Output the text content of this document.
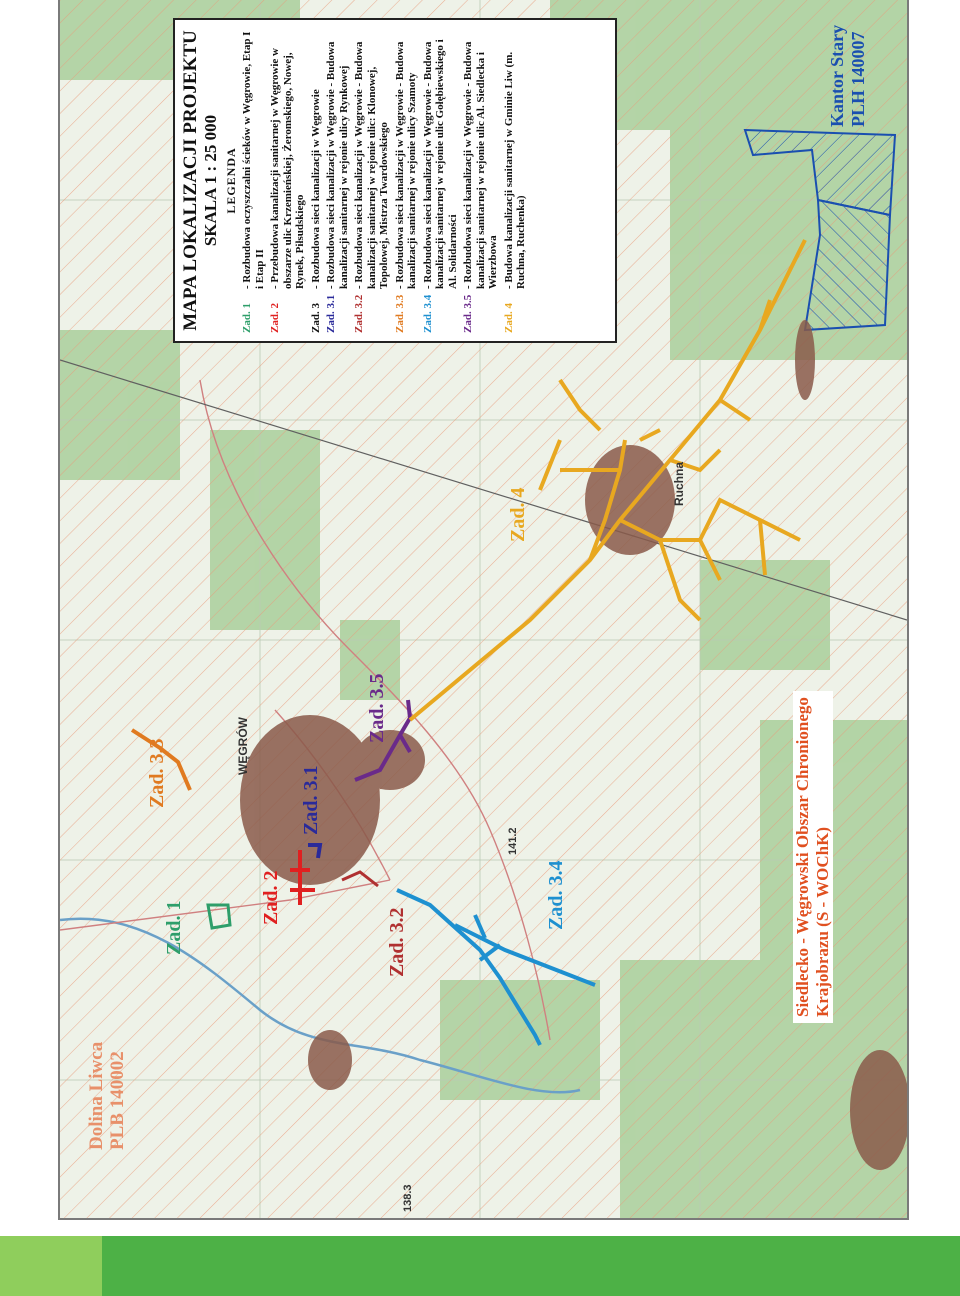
Dolina Liwca PLB 140002
Zad. 1
Zad. 3.3
Zad. 2
Zad. 3.1
Zad. 3.2
Zad. 3.5
Zad. 3.4
Zad. 4
Siedlecko - Węgrowski Obszar Chronionego Krajobrazu (S - WOChK)
Kantor Stary PLH 140007
WĘGRÓW
Ruchna
138.3
141.2
MAPA LOKALIZACJI PROJEKTU SKALA 1 : 25 000 LEGENDA
Zad. 1
- Rozbudowa oczyszczalni ścieków w Węgrowie, Etap I i Etap II
Zad. 2
- Przebudowa kanalizacji sanitarnej w Węgrowie w obszarze ulic Krzemieńskiej, Żeromskiego, Nowej, Rynek, Piłsudskiego
Zad. 3
- Rozbudowa sieci kanalizacji w Węgrowie
Zad. 3.1
- Rozbudowa sieci kanalizacji w Węgrowie - Budowa kanalizacji sanitarnej w rejonie ulicy Rynkowej
Zad. 3.2
- Rozbudowa sieci kanalizacji w Węgrowie - Budowa kanalizacji sanitarnej w rejonie ulic: Klonowej, Topolowej, Mistrza Twardowskiego
Zad. 3.3
- Rozbudowa sieci kanalizacji w Węgrowie - Budowa kanalizacji sanitarnej w rejonie ulicy Szamoty
Zad. 3.4
- Rozbudowa sieci kanalizacji w Węgrowie - Budowa kanalizacji sanitarnej w rejonie ulic Gołębiewskiego i Al. Solidarności
Zad. 3.5
- Rozbudowa sieci kanalizacji w Węgrowie - Budowa kanalizacji sanitarnej w rejonie ulic Al. Siedlecka i Wierzbowa
Zad. 4
- Budowa kanalizacji sanitarnej w Gminie Liw (m. Ruchna, Ruchenka)
